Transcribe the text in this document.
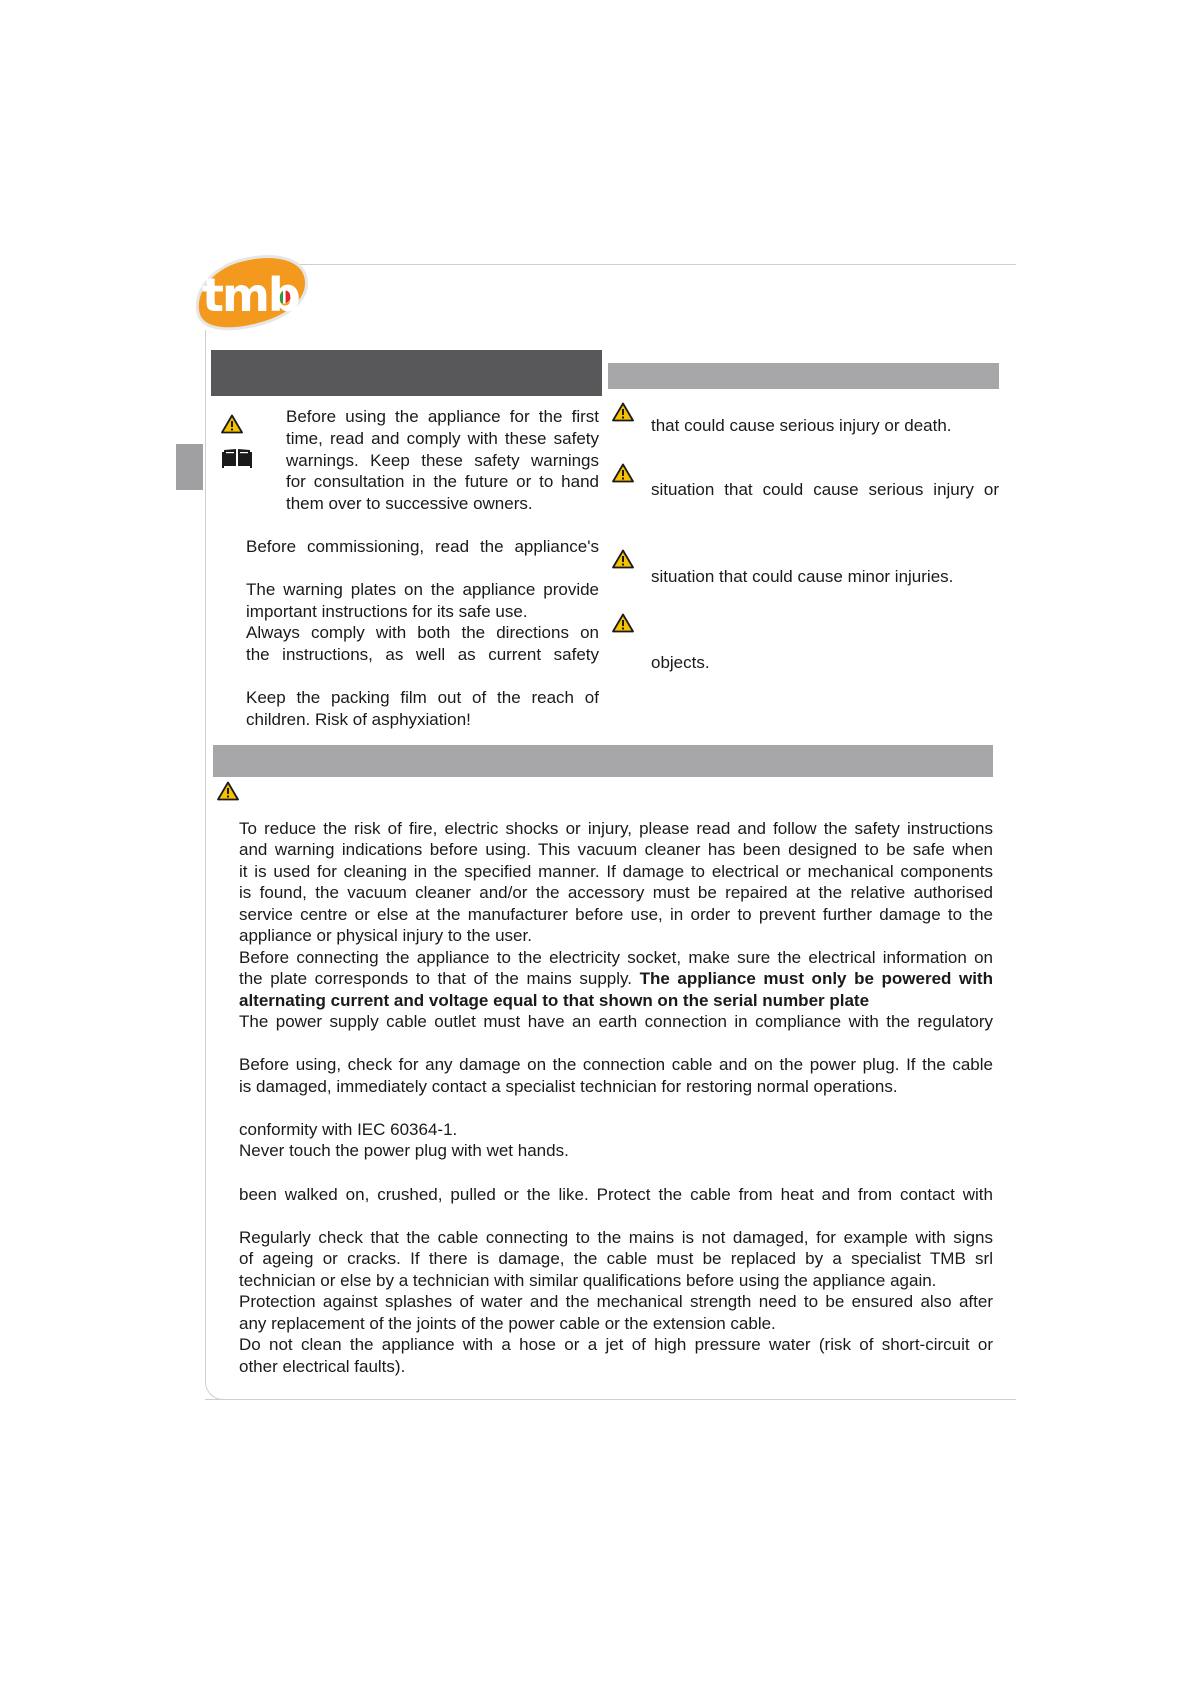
tmb
Before using the appliance for the first
time, read and comply with these safety
warnings. Keep these safety warnings
for consultation in the future or to hand
them over to successive owners.
Before commissioning, read the appliance's
The warning plates on the appliance provide
important instructions for its safe use.
Always comply with both the directions on
the instructions, as well as current safety
Keep the packing film out of the reach of
children. Risk of asphyxiation!
that could cause serious injury or death.
situation that could cause serious injury or
situation that could cause minor injuries.
objects.
To reduce the risk of fire, electric shocks or injury, please read and follow the safety instructions
and warning indications before using. This vacuum cleaner has been designed to be safe when
it is used for cleaning in the specified manner. If damage to electrical or mechanical components
is found, the vacuum cleaner and/or the accessory must be repaired at the relative authorised
service centre or else at the manufacturer before use, in order to prevent further damage to the
appliance or physical injury to the user.
Before connecting the appliance to the electricity socket, make sure the electrical information on
the plate corresponds to that of the mains supply. The appliance must only be powered with
alternating current and voltage equal to that shown on the serial number plate
The power supply cable outlet must have an earth connection in compliance with the regulatory
Before using, check for any damage on the connection cable and on the power plug. If the cable
is damaged, immediately contact a specialist technician for restoring normal operations.
conformity with IEC 60364-1.
Never touch the power plug with wet hands.
been walked on, crushed, pulled or the like. Protect the cable from heat and from contact with
Regularly check that the cable connecting to the mains is not damaged, for example with signs
of ageing or cracks. If there is damage, the cable must be replaced by a specialist TMB srl
technician or else by a technician with similar qualifications before using the appliance again.
Protection against splashes of water and the mechanical strength need to be ensured also after
any replacement of the joints of the power cable or the extension cable.
Do not clean the appliance with a hose or a jet of high pressure water (risk of short-circuit or
other electrical faults).
